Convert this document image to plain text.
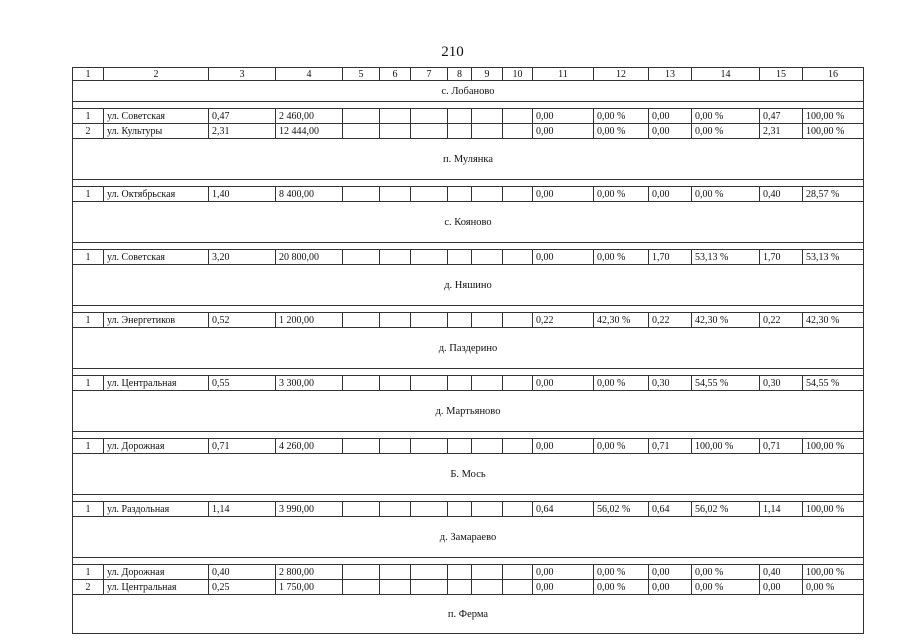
210
1	2	3	4	5	6	7	8	9	10	11	12	13	14	15	16
с. Лобаново															

1	ул. Советская	0,47	2 460,00							0,00	0,00 %	0,00	0,00 %	0,47	100,00 %
2	ул. Культуры	2,31	12 444,00							0,00	0,00 %	0,00	0,00 %	2,31	100,00 %
п. Мулянка															

1	ул. Октябрьская	1,40	8 400,00							0,00	0,00 %	0,00	0,00 %	0,40	28,57 %
с. Кояново															

1	ул. Советская	3,20	20 800,00							0,00	0,00 %	1,70	53,13 %	1,70	53,13 %
д. Няшино															

1	ул. Энергетиков	0,52	1 200,00							0,22	42,30 %	0,22	42,30 %	0,22	42,30 %
д. Паздерино															

1	ул. Центральная	0,55	3 300,00							0,00	0,00 %	0,30	54,55 %	0,30	54,55 %
д. Мартьяново															

1	ул. Дорожная	0,71	4 260,00							0,00	0,00 %	0,71	100,00 %	0,71	100,00 %
Б. Мось															

1	ул. Раздольная	1,14	3 990,00							0,64	56,02 %	0,64	56,02 %	1,14	100,00 %
д. Замараево															

1	ул. Дорожная	0,40	2 800,00							0,00	0,00 %	0,00	0,00 %	0,40	100,00 %
2	ул. Центральная	0,25	1 750,00							0,00	0,00 %	0,00	0,00 %	0,00	0,00 %
п. Ферма															
